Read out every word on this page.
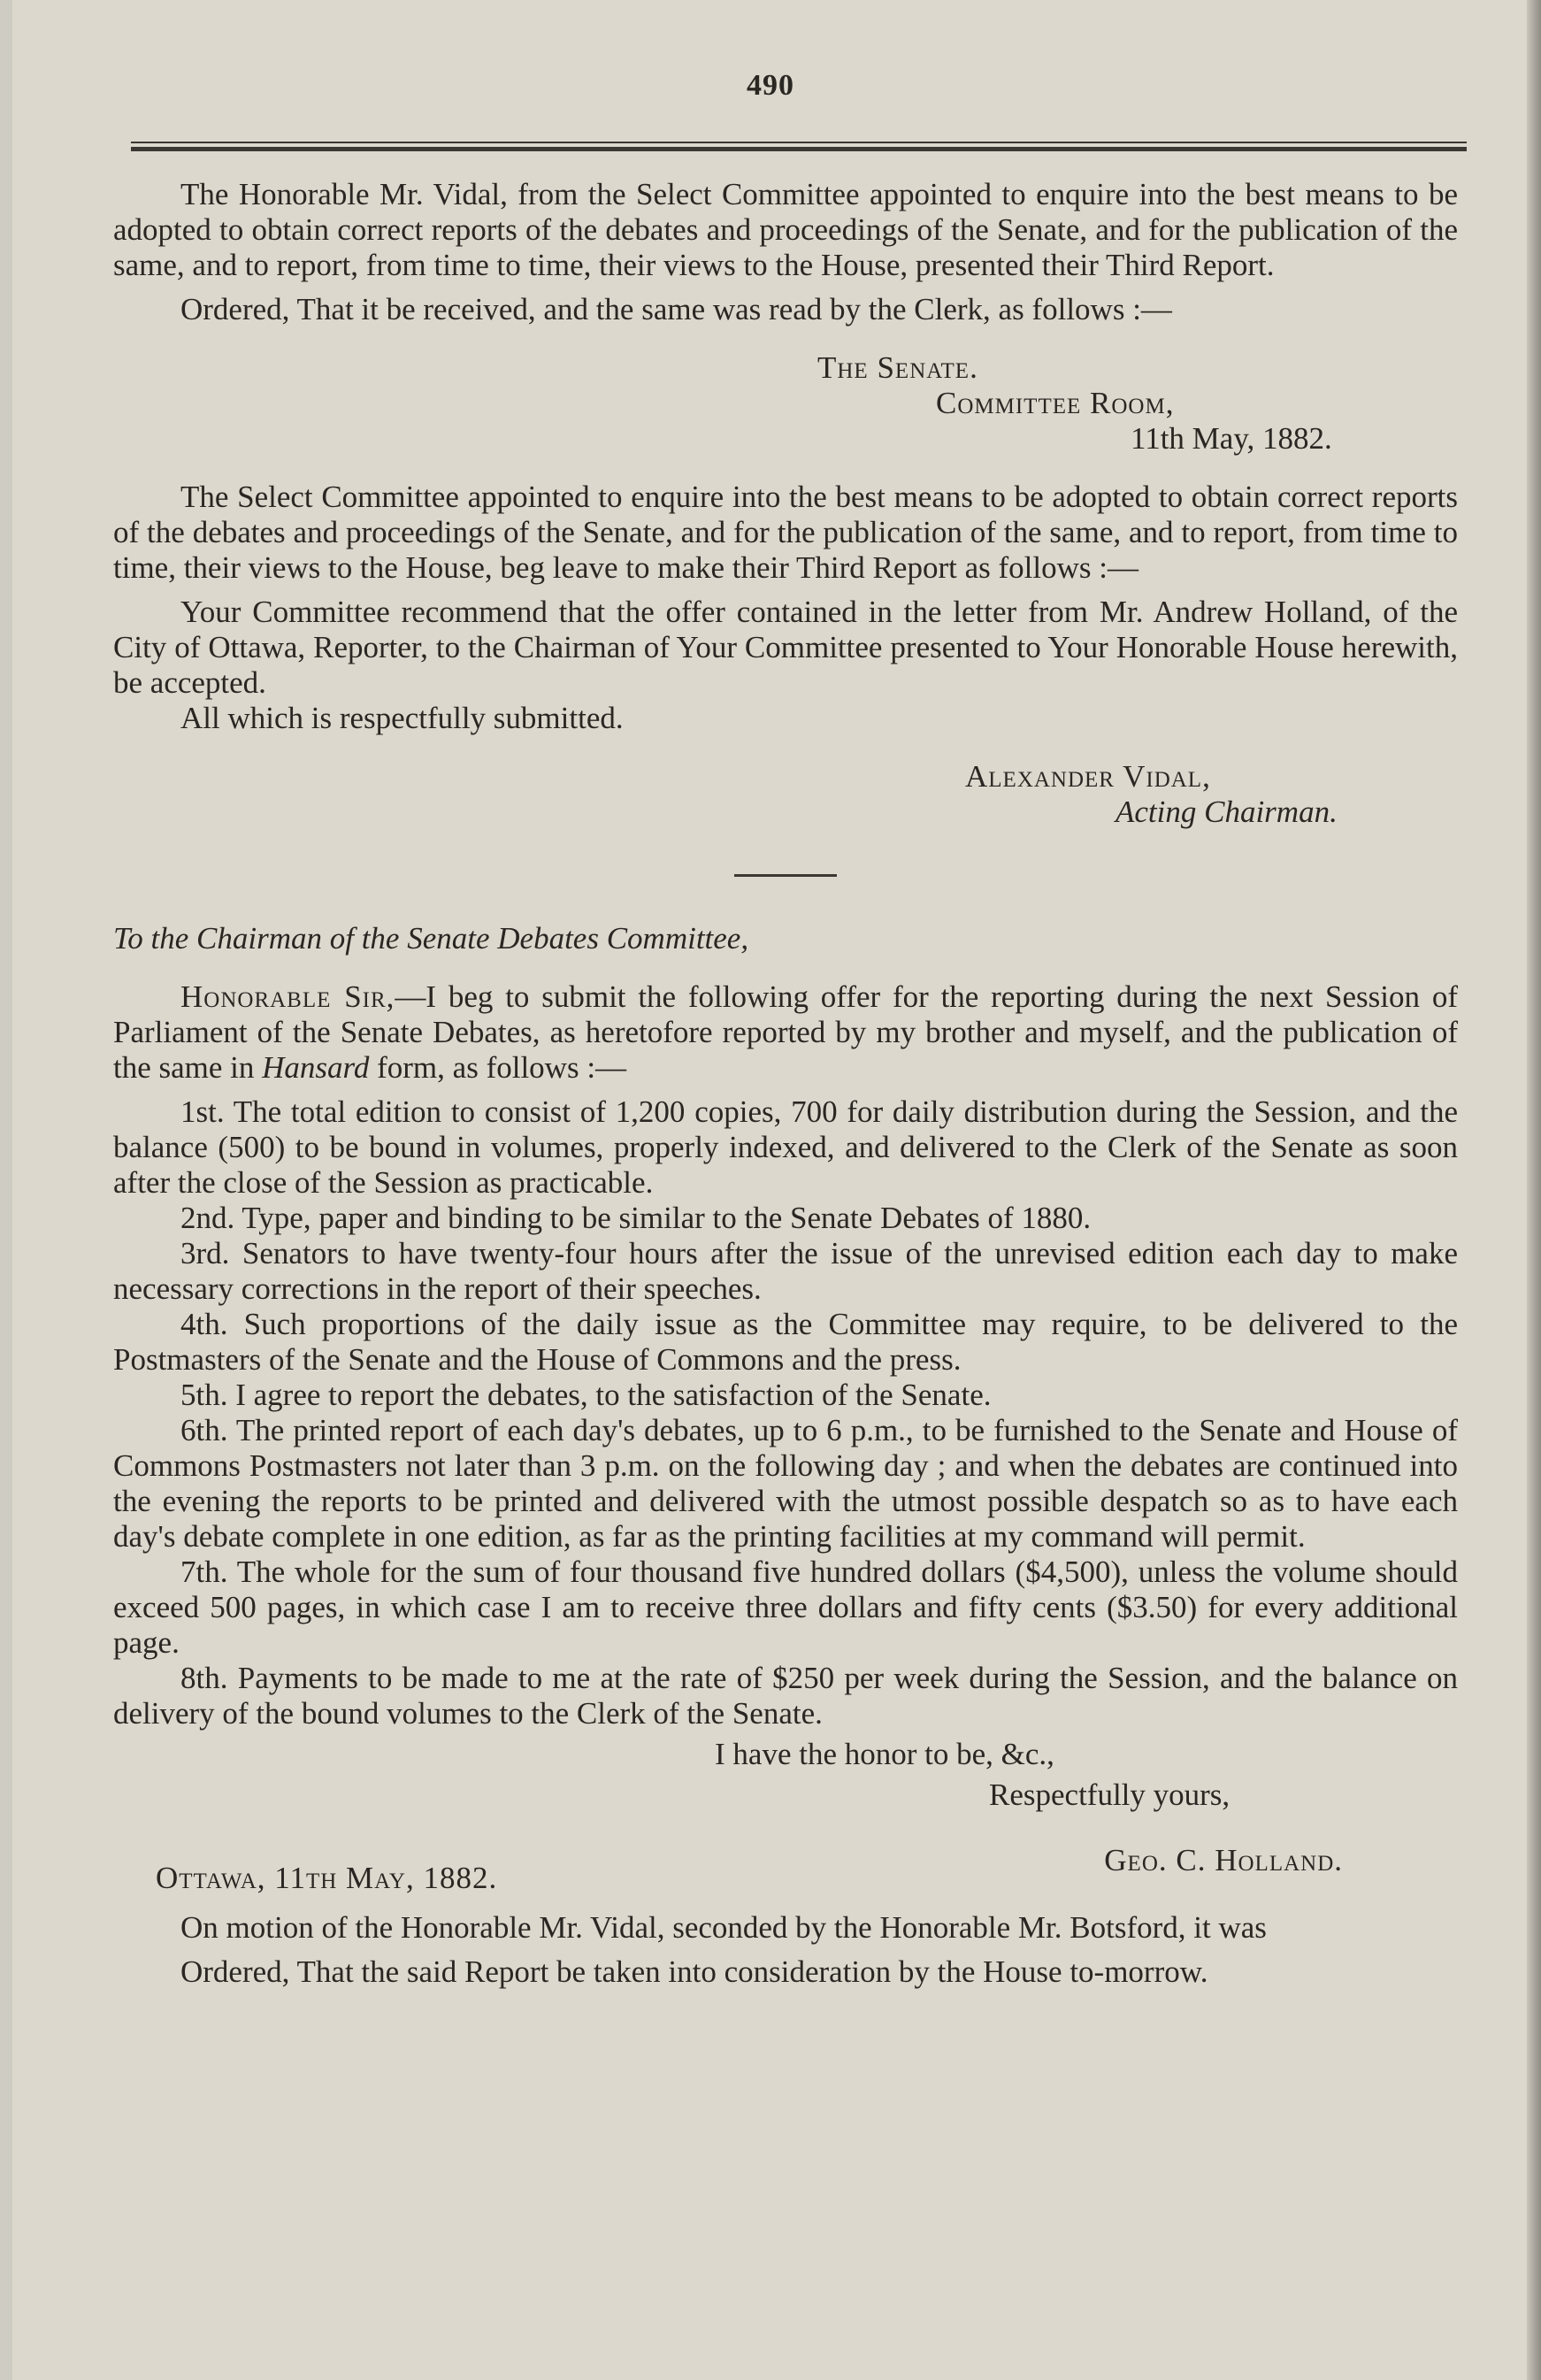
490

The Honorable Mr. Vidal, from the Select Committee appointed to enquire into the best means to be adopted to obtain correct reports of the debates and proceedings of the Senate, and for the publication of the same, and to report, from time to time, their views to the House, presented their Third Report.

Ordered, That it be received, and the same was read by the Clerk, as follows :—

The Senate.

Committee Room,

11th May, 1882.

The Select Committee appointed to enquire into the best means to be adopted to obtain correct reports of the debates and proceedings of the Senate, and for the publication of the same, and to report, from time to time, their views to the House, beg leave to make their Third Report as follows :—

Your Committee recommend that the offer contained in the letter from Mr. Andrew Holland, of the City of Ottawa, Reporter, to the Chairman of Your Committee presented to Your Honorable House herewith, be accepted.

All which is respectfully submitted.

Alexander Vidal,

Acting Chairman.

To the Chairman of the Senate Debates Committee,

Honorable Sir,—I beg to submit the following offer for the reporting during the next Session of Parliament of the Senate Debates, as heretofore reported by my brother and myself, and the publication of the same in Hansard form, as follows :—

1st. The total edition to consist of 1,200 copies, 700 for daily distribution during the Session, and the balance (500) to be bound in volumes, properly indexed, and delivered to the Clerk of the Senate as soon after the close of the Session as practicable.

2nd. Type, paper and binding to be similar to the Senate Debates of 1880.

3rd. Senators to have twenty-four hours after the issue of the unrevised edition each day to make necessary corrections in the report of their speeches.

4th. Such proportions of the daily issue as the Committee may require, to be delivered to the Postmasters of the Senate and the House of Commons and the press.

5th. I agree to report the debates, to the satisfaction of the Senate.

6th. The printed report of each day's debates, up to 6 p.m., to be furnished to the Senate and House of Commons Postmasters not later than 3 p.m. on the following day ; and when the debates are continued into the evening the reports to be printed and delivered with the utmost possible despatch so as to have each day's debate complete in one edition, as far as the printing facilities at my command will permit.

7th. The whole for the sum of four thousand five hundred dollars ($4,500), unless the volume should exceed 500 pages, in which case I am to receive three dollars and fifty cents ($3.50) for every additional page.

8th. Payments to be made to me at the rate of $250 per week during the Session, and the balance on delivery of the bound volumes to the Clerk of the Senate.

I have the honor to be, &c.,
Respectfully yours,
Geo. C. Holland.
Ottawa, 11th May, 1882.

On motion of the Honorable Mr. Vidal, seconded by the Honorable Mr. Botsford, it was

Ordered, That the said Report be taken into consideration by the House to-morrow.
